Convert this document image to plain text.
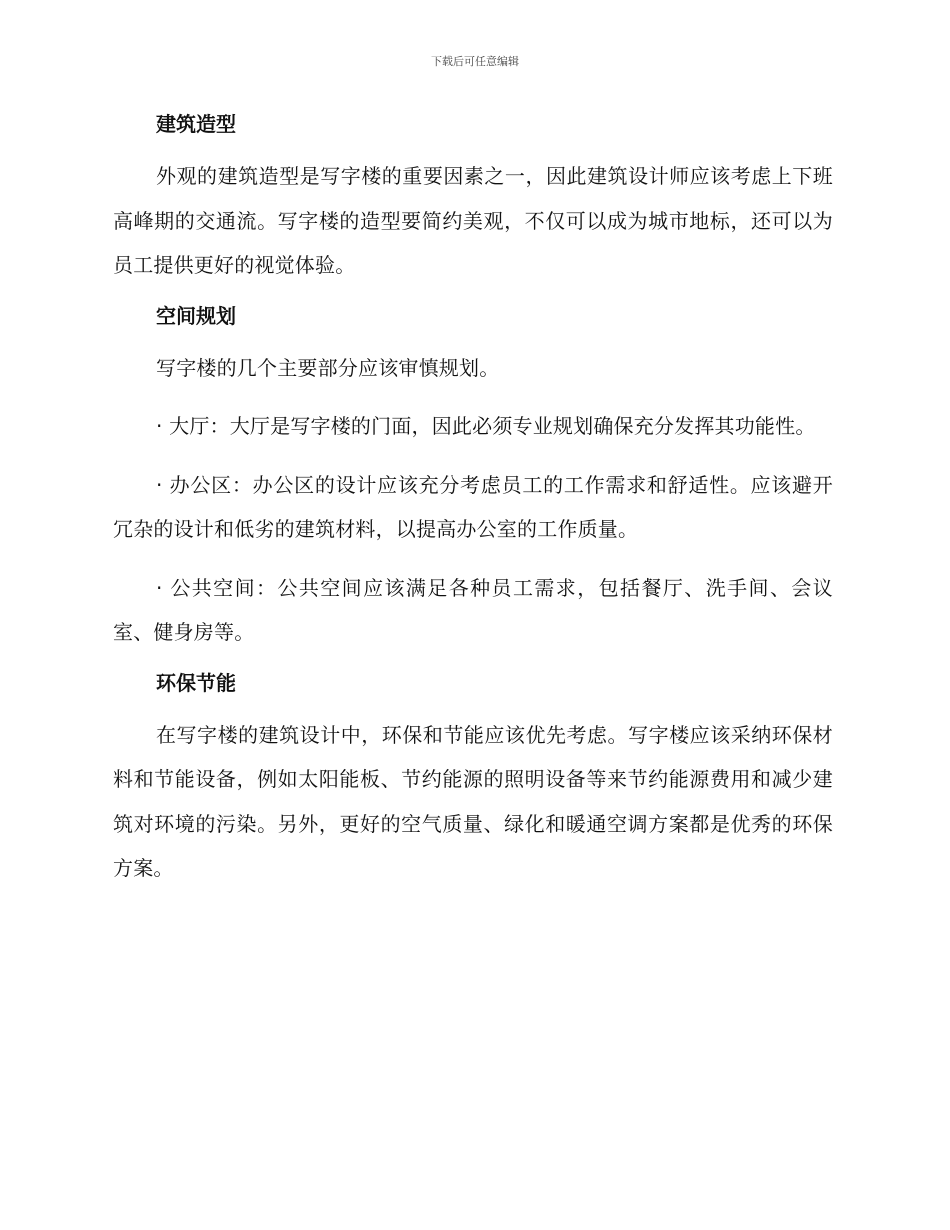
下载后可任意编辑
建筑造型

外观的建筑造型是写字楼的重要因素之一，因此建筑设计师应该考虑上下班高峰期的交通流。写字楼的造型要简约美观，不仅可以成为城市地标，还可以为员工提供更好的视觉体验。

空间规划

写字楼的几个主要部分应该审慎规划。

· 大厅：大厅是写字楼的门面，因此必须专业规划确保充分发挥其功能性。

· 办公区：办公区的设计应该充分考虑员工的工作需求和舒适性。应该避开冗杂的设计和低劣的建筑材料，以提高办公室的工作质量。

· 公共空间：公共空间应该满足各种员工需求，包括餐厅、洗手间、会议室、健身房等。

环保节能

在写字楼的建筑设计中，环保和节能应该优先考虑。写字楼应该采纳环保材料和节能设备，例如太阳能板、节约能源的照明设备等来节约能源费用和减少建筑对环境的污染。另外，更好的空气质量、绿化和暖通空调方案都是优秀的环保方案。
